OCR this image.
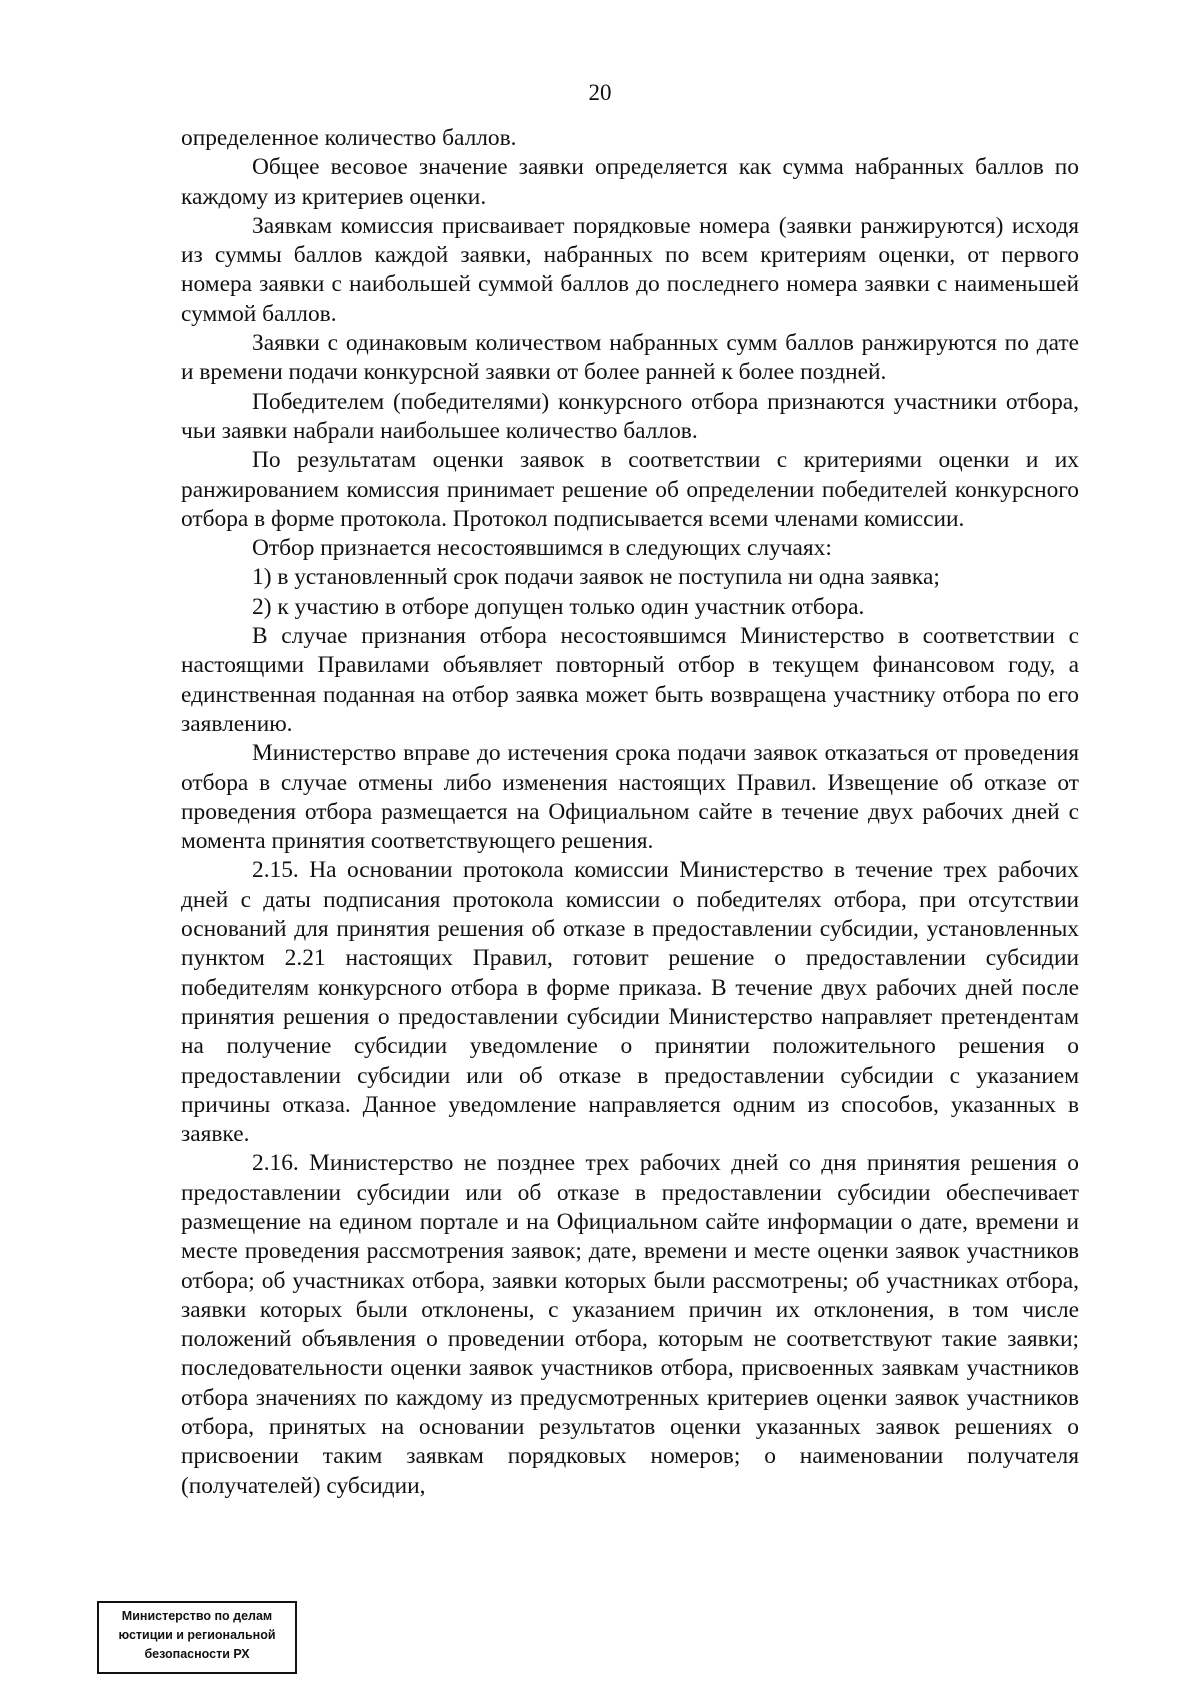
20

определенное количество баллов.

Общее весовое значение заявки определяется как сумма набранных баллов по каждому из критериев оценки.

Заявкам комиссия присваивает порядковые номера (заявки ранжируются) исходя из суммы баллов каждой заявки, набранных по всем критериям оценки, от первого номера заявки с наибольшей суммой баллов до последнего номера заявки с наименьшей суммой баллов.

Заявки с одинаковым количеством набранных сумм баллов ранжируются по дате и времени подачи конкурсной заявки от более ранней к более поздней.

Победителем (победителями) конкурсного отбора признаются участники отбора, чьи заявки набрали наибольшее количество баллов.

По результатам оценки заявок в соответствии с критериями оценки и их ранжированием комиссия принимает решение об определении победителей конкурсного отбора в форме протокола. Протокол подписывается всеми членами комиссии.

Отбор признается несостоявшимся в следующих случаях:

1) в установленный срок подачи заявок не поступила ни одна заявка;

2) к участию в отборе допущен только один участник отбора.

В случае признания отбора несостоявшимся Министерство в соответствии с настоящими Правилами объявляет повторный отбор в текущем финансовом году, а единственная поданная на отбор заявка может быть возвращена участнику отбора по его заявлению.

Министерство вправе до истечения срока подачи заявок отказаться от проведения отбора в случае отмены либо изменения настоящих Правил. Извещение об отказе от проведения отбора размещается на Официальном сайте в течение двух рабочих дней с момента принятия соответствующего решения.

2.15. На основании протокола комиссии Министерство в течение трех рабочих дней с даты подписания протокола комиссии о победителях отбора, при отсутствии оснований для принятия решения об отказе в предоставлении субсидии, установленных пунктом 2.21 настоящих Правил, готовит решение о предоставлении субсидии победителям конкурсного отбора в форме приказа. В течение двух рабочих дней после принятия решения о предоставлении субсидии Министерство направляет претендентам на получение субсидии уведомление о принятии положительного решения о предоставлении субсидии или об отказе в предоставлении субсидии с указанием причины отказа. Данное уведомление направляется одним из способов, указанных в заявке.

2.16. Министерство не позднее трех рабочих дней со дня принятия решения о предоставлении субсидии или об отказе в предоставлении субсидии обеспечивает размещение на едином портале и на Официальном сайте информации о дате, времени и месте проведения рассмотрения заявок; дате, времени и месте оценки заявок участников отбора; об участниках отбора, заявки которых были рассмотрены; об участниках отбора, заявки которых были отклонены, с указанием причин их отклонения, в том числе положений объявления о проведении отбора, которым не соответствуют такие заявки; последовательности оценки заявок участников отбора, присвоенных заявкам участников отбора значениях по каждому из предусмотренных критериев оценки заявок участников отбора, принятых на основании результатов оценки указанных заявок решениях о присвоении таким заявкам порядковых номеров; о наименовании получателя (получателей) субсидии,

Министерство по делам
юстиции и региональной
безопасности РХ
